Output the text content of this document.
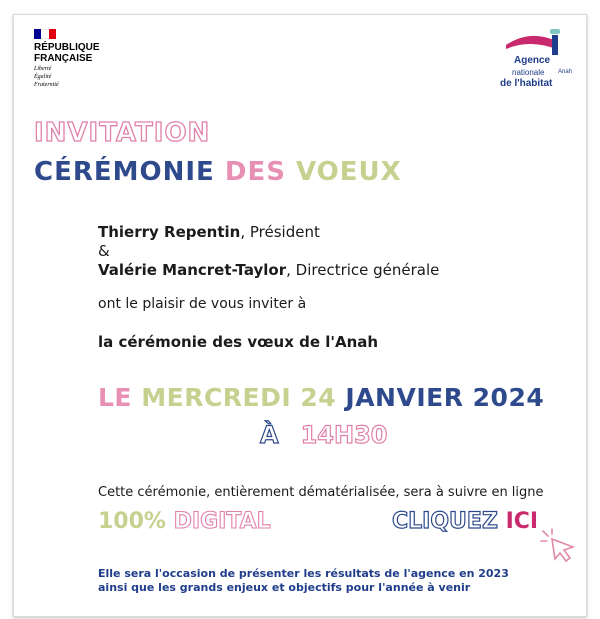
RÉPUBLIQUE
FRANÇAISE
Liberté
Égalité
Fraternité
Agence
nationale Anah
de l'habitat
INVITATION
CÉRÉMONIE DES VOEUX
Thierry Repentin, Président
&
Valérie Mancret-Taylor, Directrice générale
ont le plaisir de vous inviter à
la cérémonie des vœux de l'Anah
LE MERCREDI 24 JANVIER 2024
À 14H30
Cette cérémonie, entièrement dématérialisée, sera à suivre en ligne
100% DIGITAL	CLIQUEZ ICI
Elle sera l'occasion de présenter les résultats de l'agence en 2023
ainsi que les grands enjeux et objectifs pour l'année à venir
